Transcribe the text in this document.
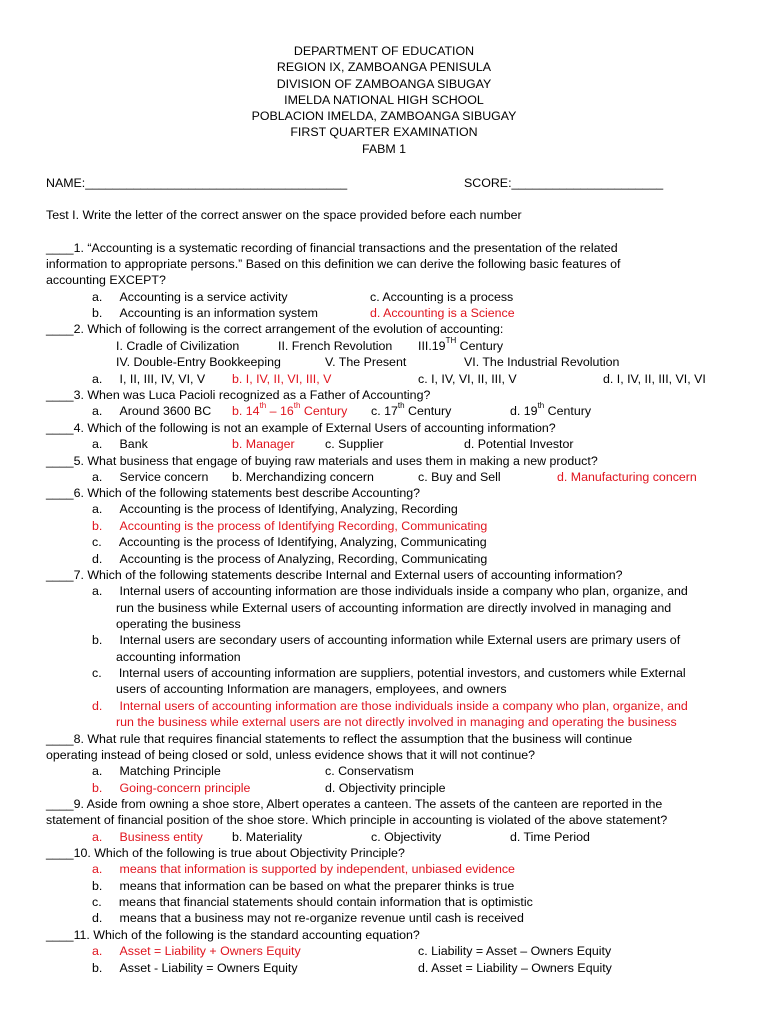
DEPARTMENT OF EDUCATION
REGION IX, ZAMBOANGA PENISULA
DIVISION OF ZAMBOANGA SIBUGAY
IMELDA NATIONAL HIGH SCHOOL
POBLACION IMELDA, ZAMBOANGA SIBUGAY
FIRST QUARTER EXAMINATION
FABM 1
NAME:______________________________________	SCORE:______________________
Test I. Write the letter of the correct answer on the space provided before each number
____1. “Accounting is a systematic recording of financial transactions and the presentation of the related
information to appropriate persons.” Based on this definition we can derive the following basic features of
accounting EXCEPT?
a.     Accounting is a service activity	c. Accounting is a process
b.     Accounting is an information system	d. Accounting is a Science
____2. Which of following is the correct arrangement of the evolution of accounting:
I. Cradle of Civilization	II. French Revolution III.19TH Century
IV. Double-Entry Bookkeeping	V. The Present	VI. The Industrial Revolution
a.     I, II, III, IV, VI, V b. I, IV, II, VI, III, V	c. I, IV, VI, II, III, V	d. I, IV, II, III, VI, VI
____3. When was Luca Pacioli recognized as a Father of Accounting?
a.     Around 3600 BC b. 14th – 16th Century c. 17th Century	d. 19th Century
____4. Which of the following is not an example of External Users of accounting information?
a.     Bank	b. Manager c. Supplier	d. Potential Investor
____5. What business that engage of buying raw materials and uses them in making a new product?
a.     Service concern b. Merchandizing concern	c. Buy and Sell	d. Manufacturing concern
____6. Which of the following statements best describe Accounting?
a.     Accounting is the process of Identifying, Analyzing, Recording
b.     Accounting is the process of Identifying Recording, Communicating
c.     Accounting is the process of Identifying, Analyzing, Communicating
d.     Accounting is the process of Analyzing, Recording, Communicating
____7. Which of the following statements describe Internal and External users of accounting information?
a.     Internal users of accounting information are those individuals inside a company who plan, organize, and
run the business while External users of accounting information are directly involved in managing and
operating the business
b.     Internal users are secondary users of accounting information while External users are primary users of
accounting information
c.     Internal users of accounting information are suppliers, potential investors, and customers while External
users of accounting Information are managers, employees, and owners
d.     Internal users of accounting information are those individuals inside a company who plan, organize, and
run the business while external users are not directly involved in managing and operating the business
____8. What rule that requires financial statements to reflect the assumption that the business will continue
operating instead of being closed or sold, unless evidence shows that it will not continue?
a.     Matching Principle	c. Conservatism
b.     Going-concern principle	d. Objectivity principle
____9. Aside from owning a shoe store, Albert operates a canteen. The assets of the canteen are reported in the
statement of financial position of the shoe store. Which principle in accounting is violated of the above statement?
a.     Business entity b. Materiality	c. Objectivity	d. Time Period
____10. Which of the following is true about Objectivity Principle?
a.     means that information is supported by independent, unbiased evidence
b.     means that information can be based on what the preparer thinks is true
c.     means that financial statements should contain information that is optimistic
d.     means that a business may not re-organize revenue until cash is received
____11. Which of the following is the standard accounting equation?
a.     Asset = Liability + Owners Equity	c. Liability = Asset – Owners Equity
b.     Asset - Liability = Owners Equity	d. Asset = Liability – Owners Equity
